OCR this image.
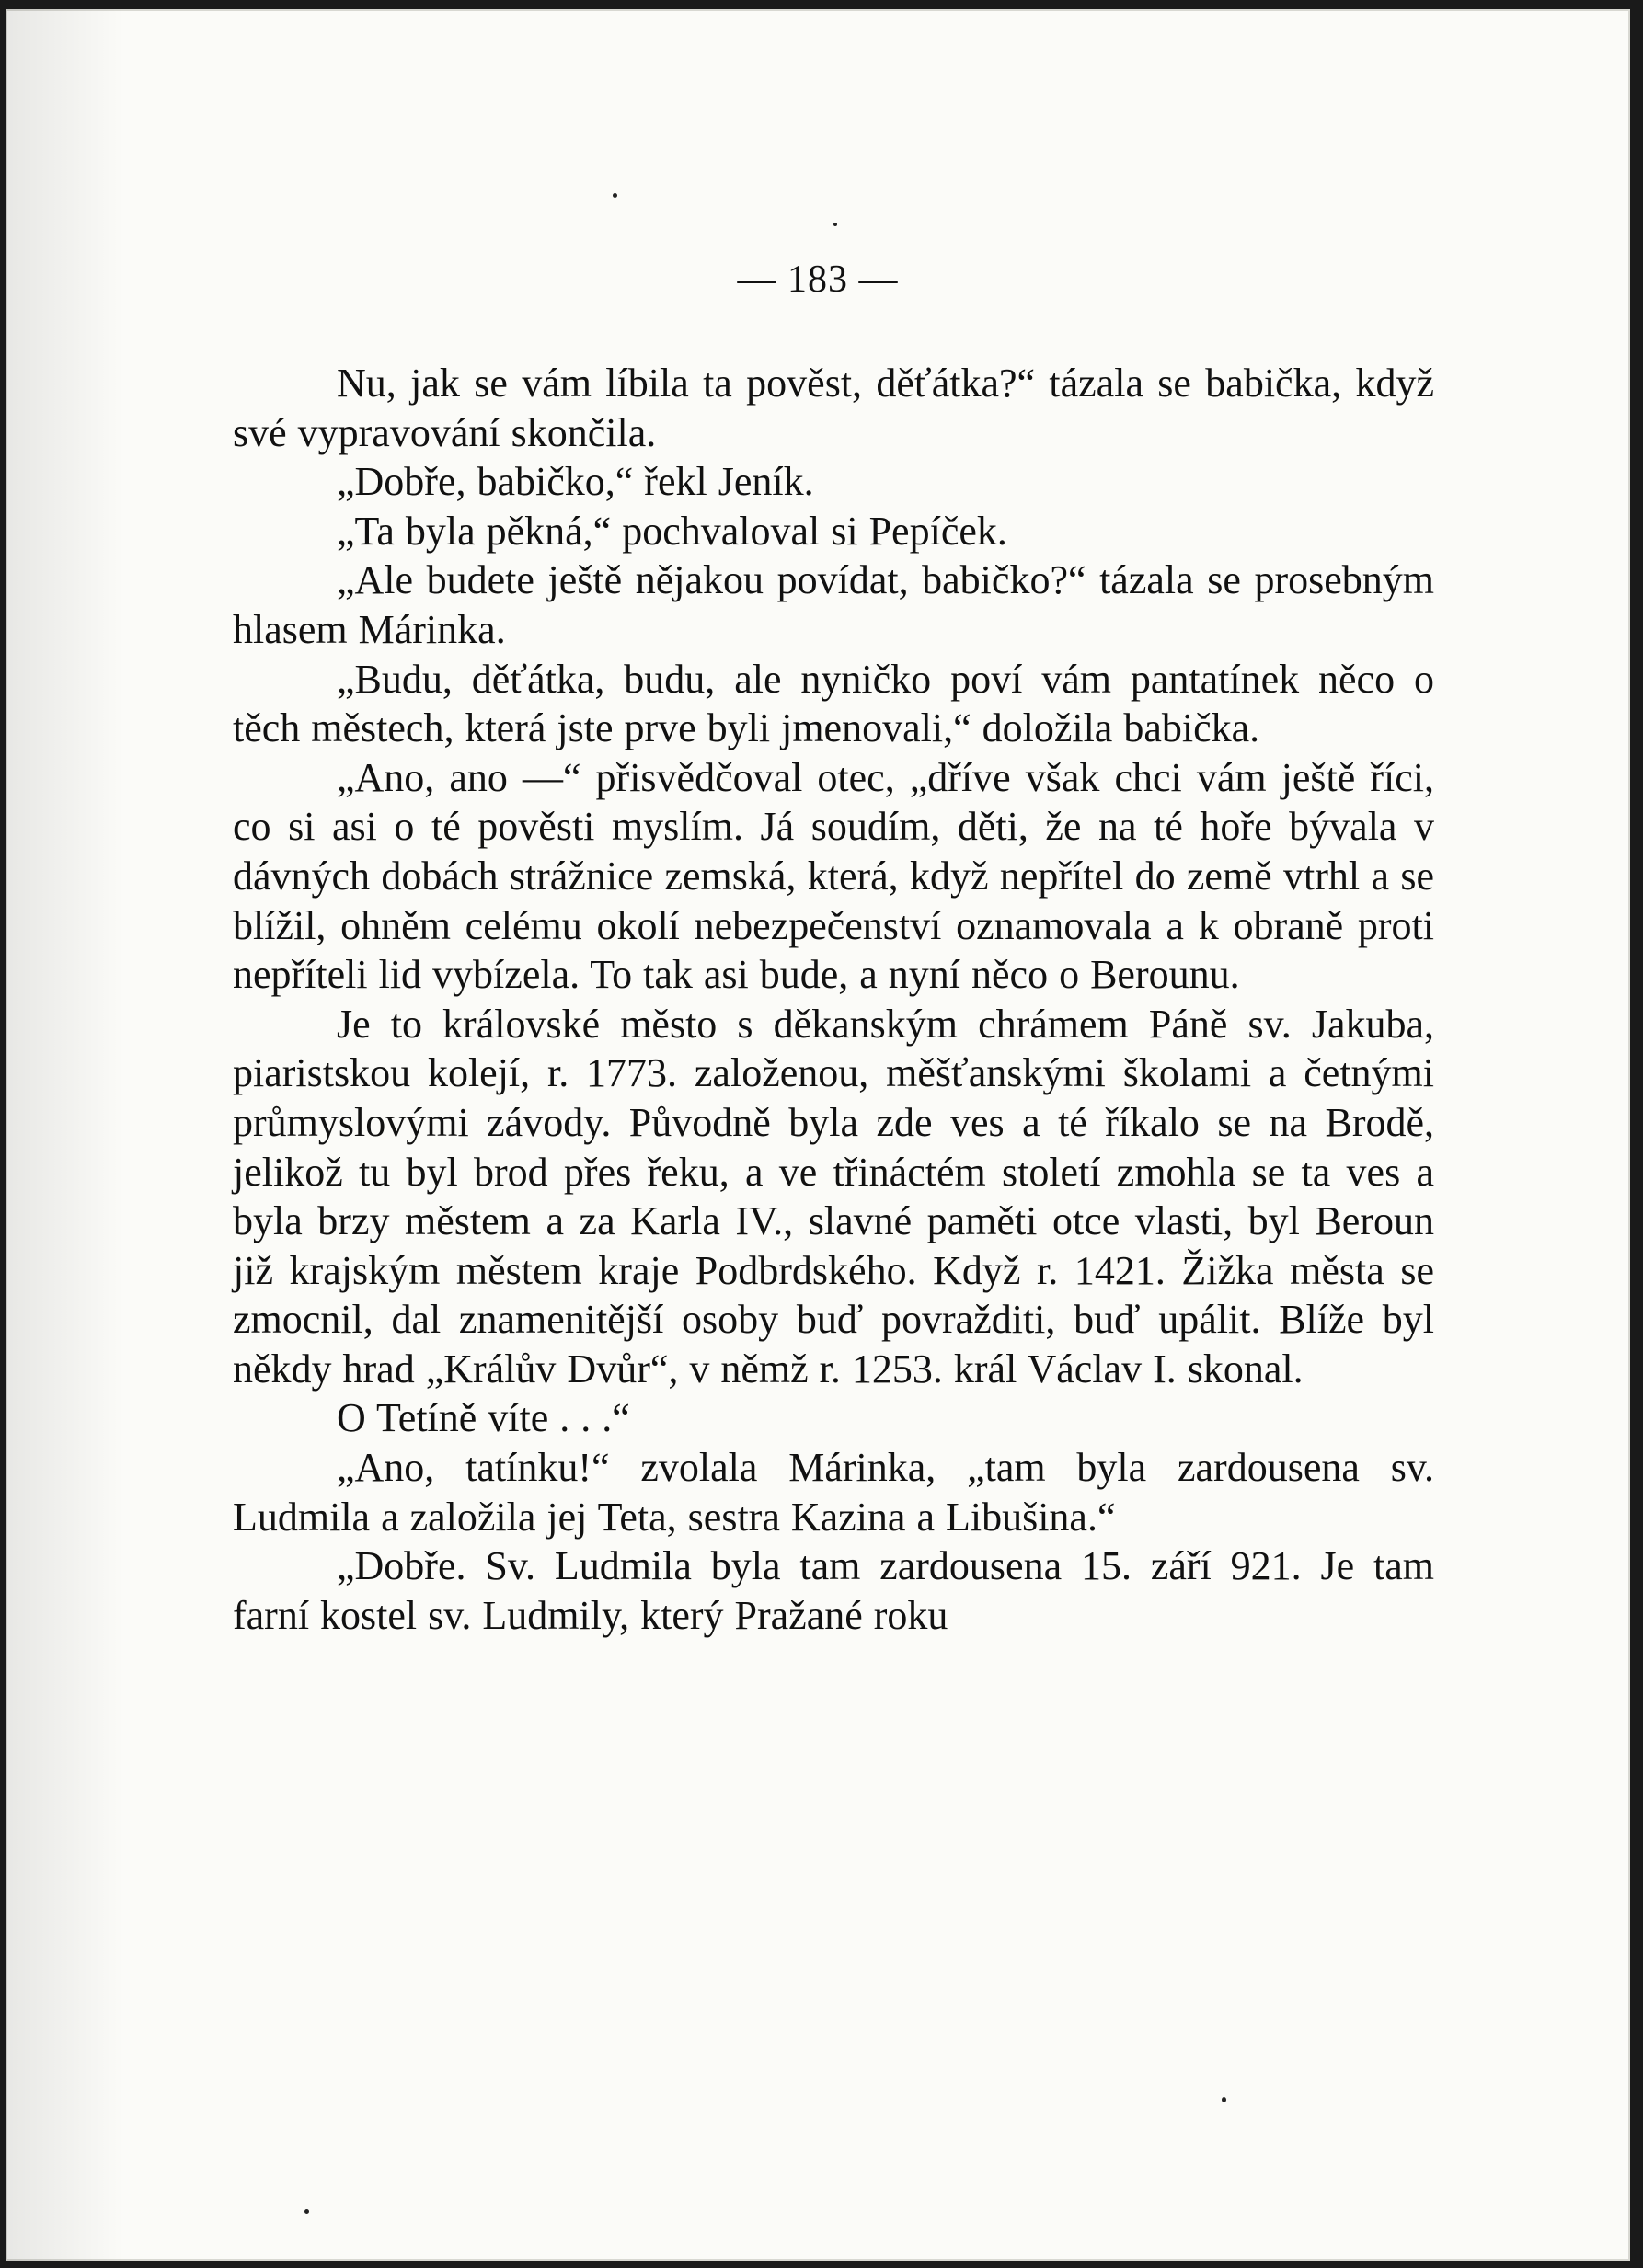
— 183 —

Nu, jak se vám líbila ta pověst, děťátka?“ tázala se babička, když své vypravování skončila.

„Dobře, babičko,“ řekl Jeník.

„Ta byla pěkná,“ pochvaloval si Pepíček.

„Ale budete ještě nějakou povídat, babičko?“ tázala se prosebným hlasem Márinka.

„Budu, děťátka, budu, ale nyničko poví vám pantatínek něco o těch městech, která jste prve byli jmenovali,“ doložila babička.

„Ano, ano —“ přisvědčoval otec, „dříve však chci vám ještě říci, co si asi o té pověsti myslím. Já soudím, děti, že na té hoře bývala v dávných dobách strážnice zemská, která, když nepřítel do země vtrhl a se blížil, ohněm celému okolí nebezpečenství oznamovala a k obraně proti nepříteli lid vybízela. To tak asi bude, a nyní něco o Berounu.

Je to královské město s děkanským chrámem Páně sv. Jakuba, piaristskou kolejí, r. 1773. založenou, měšťanskými školami a četnými průmyslovými závody. Původně byla zde ves a té říkalo se na Brodě, jelikož tu byl brod přes řeku, a ve třináctém století zmohla se ta ves a byla brzy městem a za Karla IV., slavné paměti otce vlasti, byl Beroun již krajským městem kraje Podbrdského. Když r. 1421. Žižka města se zmocnil, dal znamenitější osoby buď povražditi, buď upálit. Blíže byl někdy hrad „Králův Dvůr“, v němž r. 1253. král Václav I. skonal.

O Tetíně víte . . .“

„Ano, tatínku!“ zvolala Márinka, „tam byla zardousena sv. Ludmila a založila jej Teta, sestra Kazina a Libušina.“

„Dobře. Sv. Ludmila byla tam zardousena 15. září 921. Je tam farní kostel sv. Ludmily, který Pražané roku
